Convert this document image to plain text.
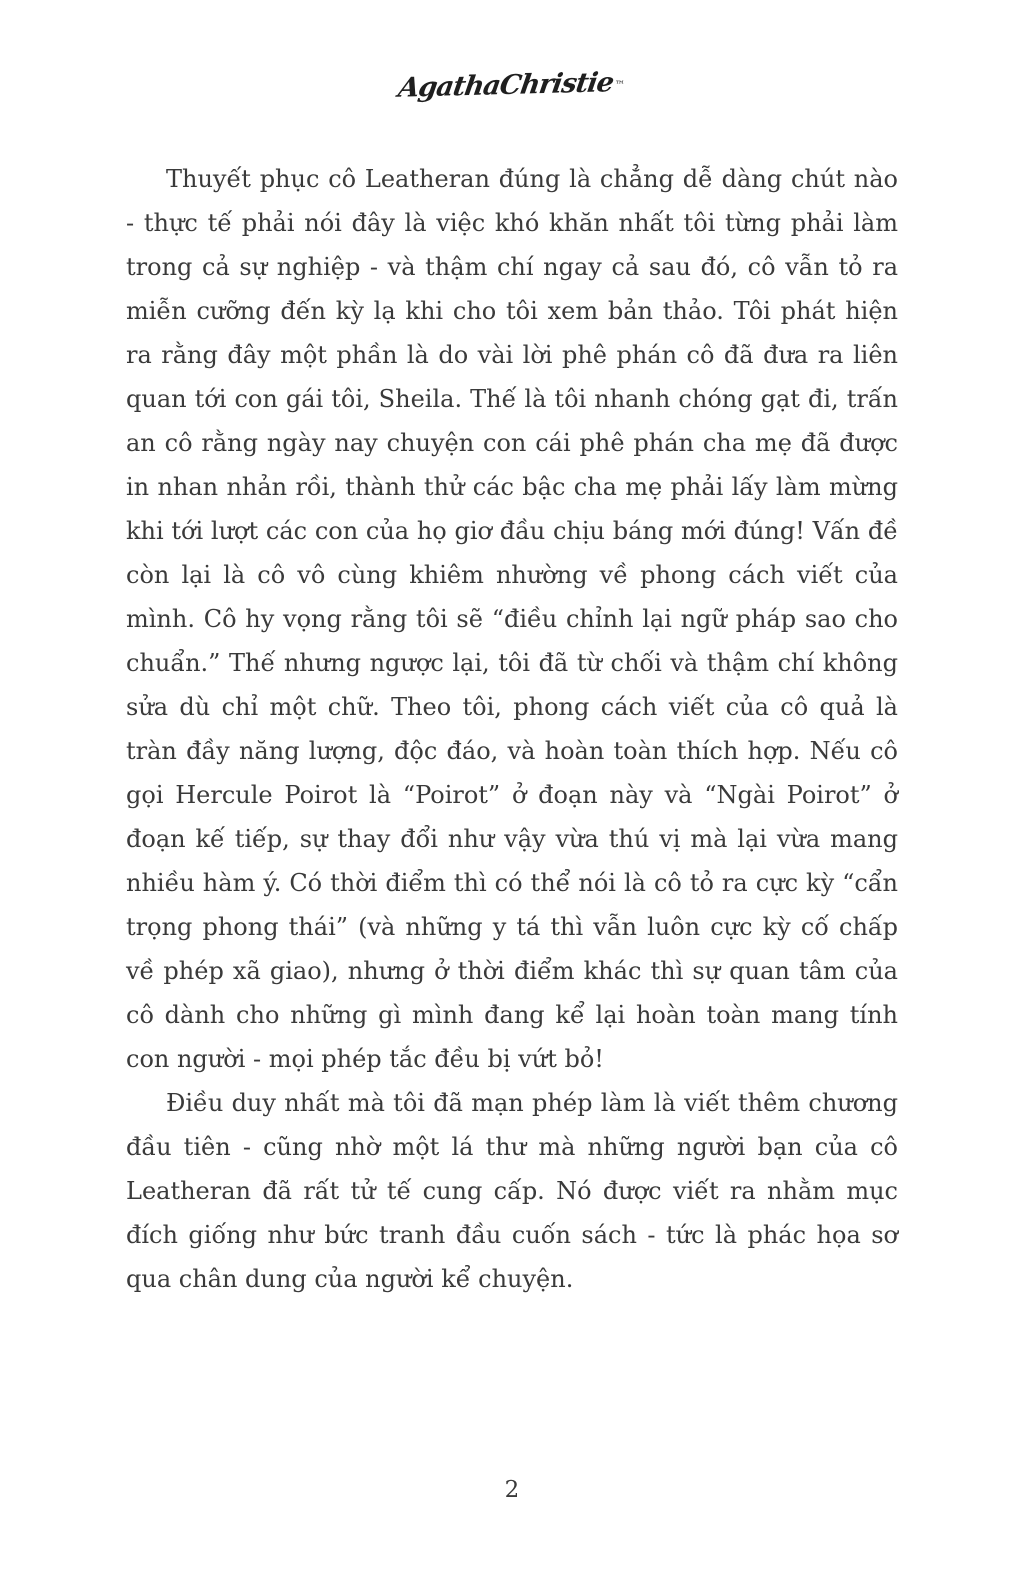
AgathaChristie™

Thuyết phục cô Leatheran đúng là chẳng dễ dàng chút nào - thực tế phải nói đây là việc khó khăn nhất tôi từng phải làm trong cả sự nghiệp - và thậm chí ngay cả sau đó, cô vẫn tỏ ra miễn cưỡng đến kỳ lạ khi cho tôi xem bản thảo. Tôi phát hiện ra rằng đây một phần là do vài lời phê phán cô đã đưa ra liên quan tới con gái tôi, Sheila. Thế là tôi nhanh chóng gạt đi, trấn an cô rằng ngày nay chuyện con cái phê phán cha mẹ đã được in nhan nhản rồi, thành thử các bậc cha mẹ phải lấy làm mừng khi tới lượt các con của họ giơ đầu chịu báng mới đúng! Vấn đề còn lại là cô vô cùng khiêm nhường về phong cách viết của mình. Cô hy vọng rằng tôi sẽ “điều chỉnh lại ngữ pháp sao cho chuẩn.” Thế nhưng ngược lại, tôi đã từ chối và thậm chí không sửa dù chỉ một chữ. Theo tôi, phong cách viết của cô quả là tràn đầy năng lượng, độc đáo, và hoàn toàn thích hợp. Nếu cô gọi Hercule Poirot là “Poirot” ở đoạn này và “Ngài Poirot” ở đoạn kế tiếp, sự thay đổi như vậy vừa thú vị mà lại vừa mang nhiều hàm ý. Có thời điểm thì có thể nói là cô tỏ ra cực kỳ “cẩn trọng phong thái” (và những y tá thì vẫn luôn cực kỳ cố chấp về phép xã giao), nhưng ở thời điểm khác thì sự quan tâm của cô dành cho những gì mình đang kể lại hoàn toàn mang tính con người - mọi phép tắc đều bị vứt bỏ!

Điều duy nhất mà tôi đã mạn phép làm là viết thêm chương đầu tiên - cũng nhờ một lá thư mà những người bạn của cô Leatheran đã rất tử tế cung cấp. Nó được viết ra nhằm mục đích giống như bức tranh đầu cuốn sách - tức là phác họa sơ qua chân dung của người kể chuyện.

2
